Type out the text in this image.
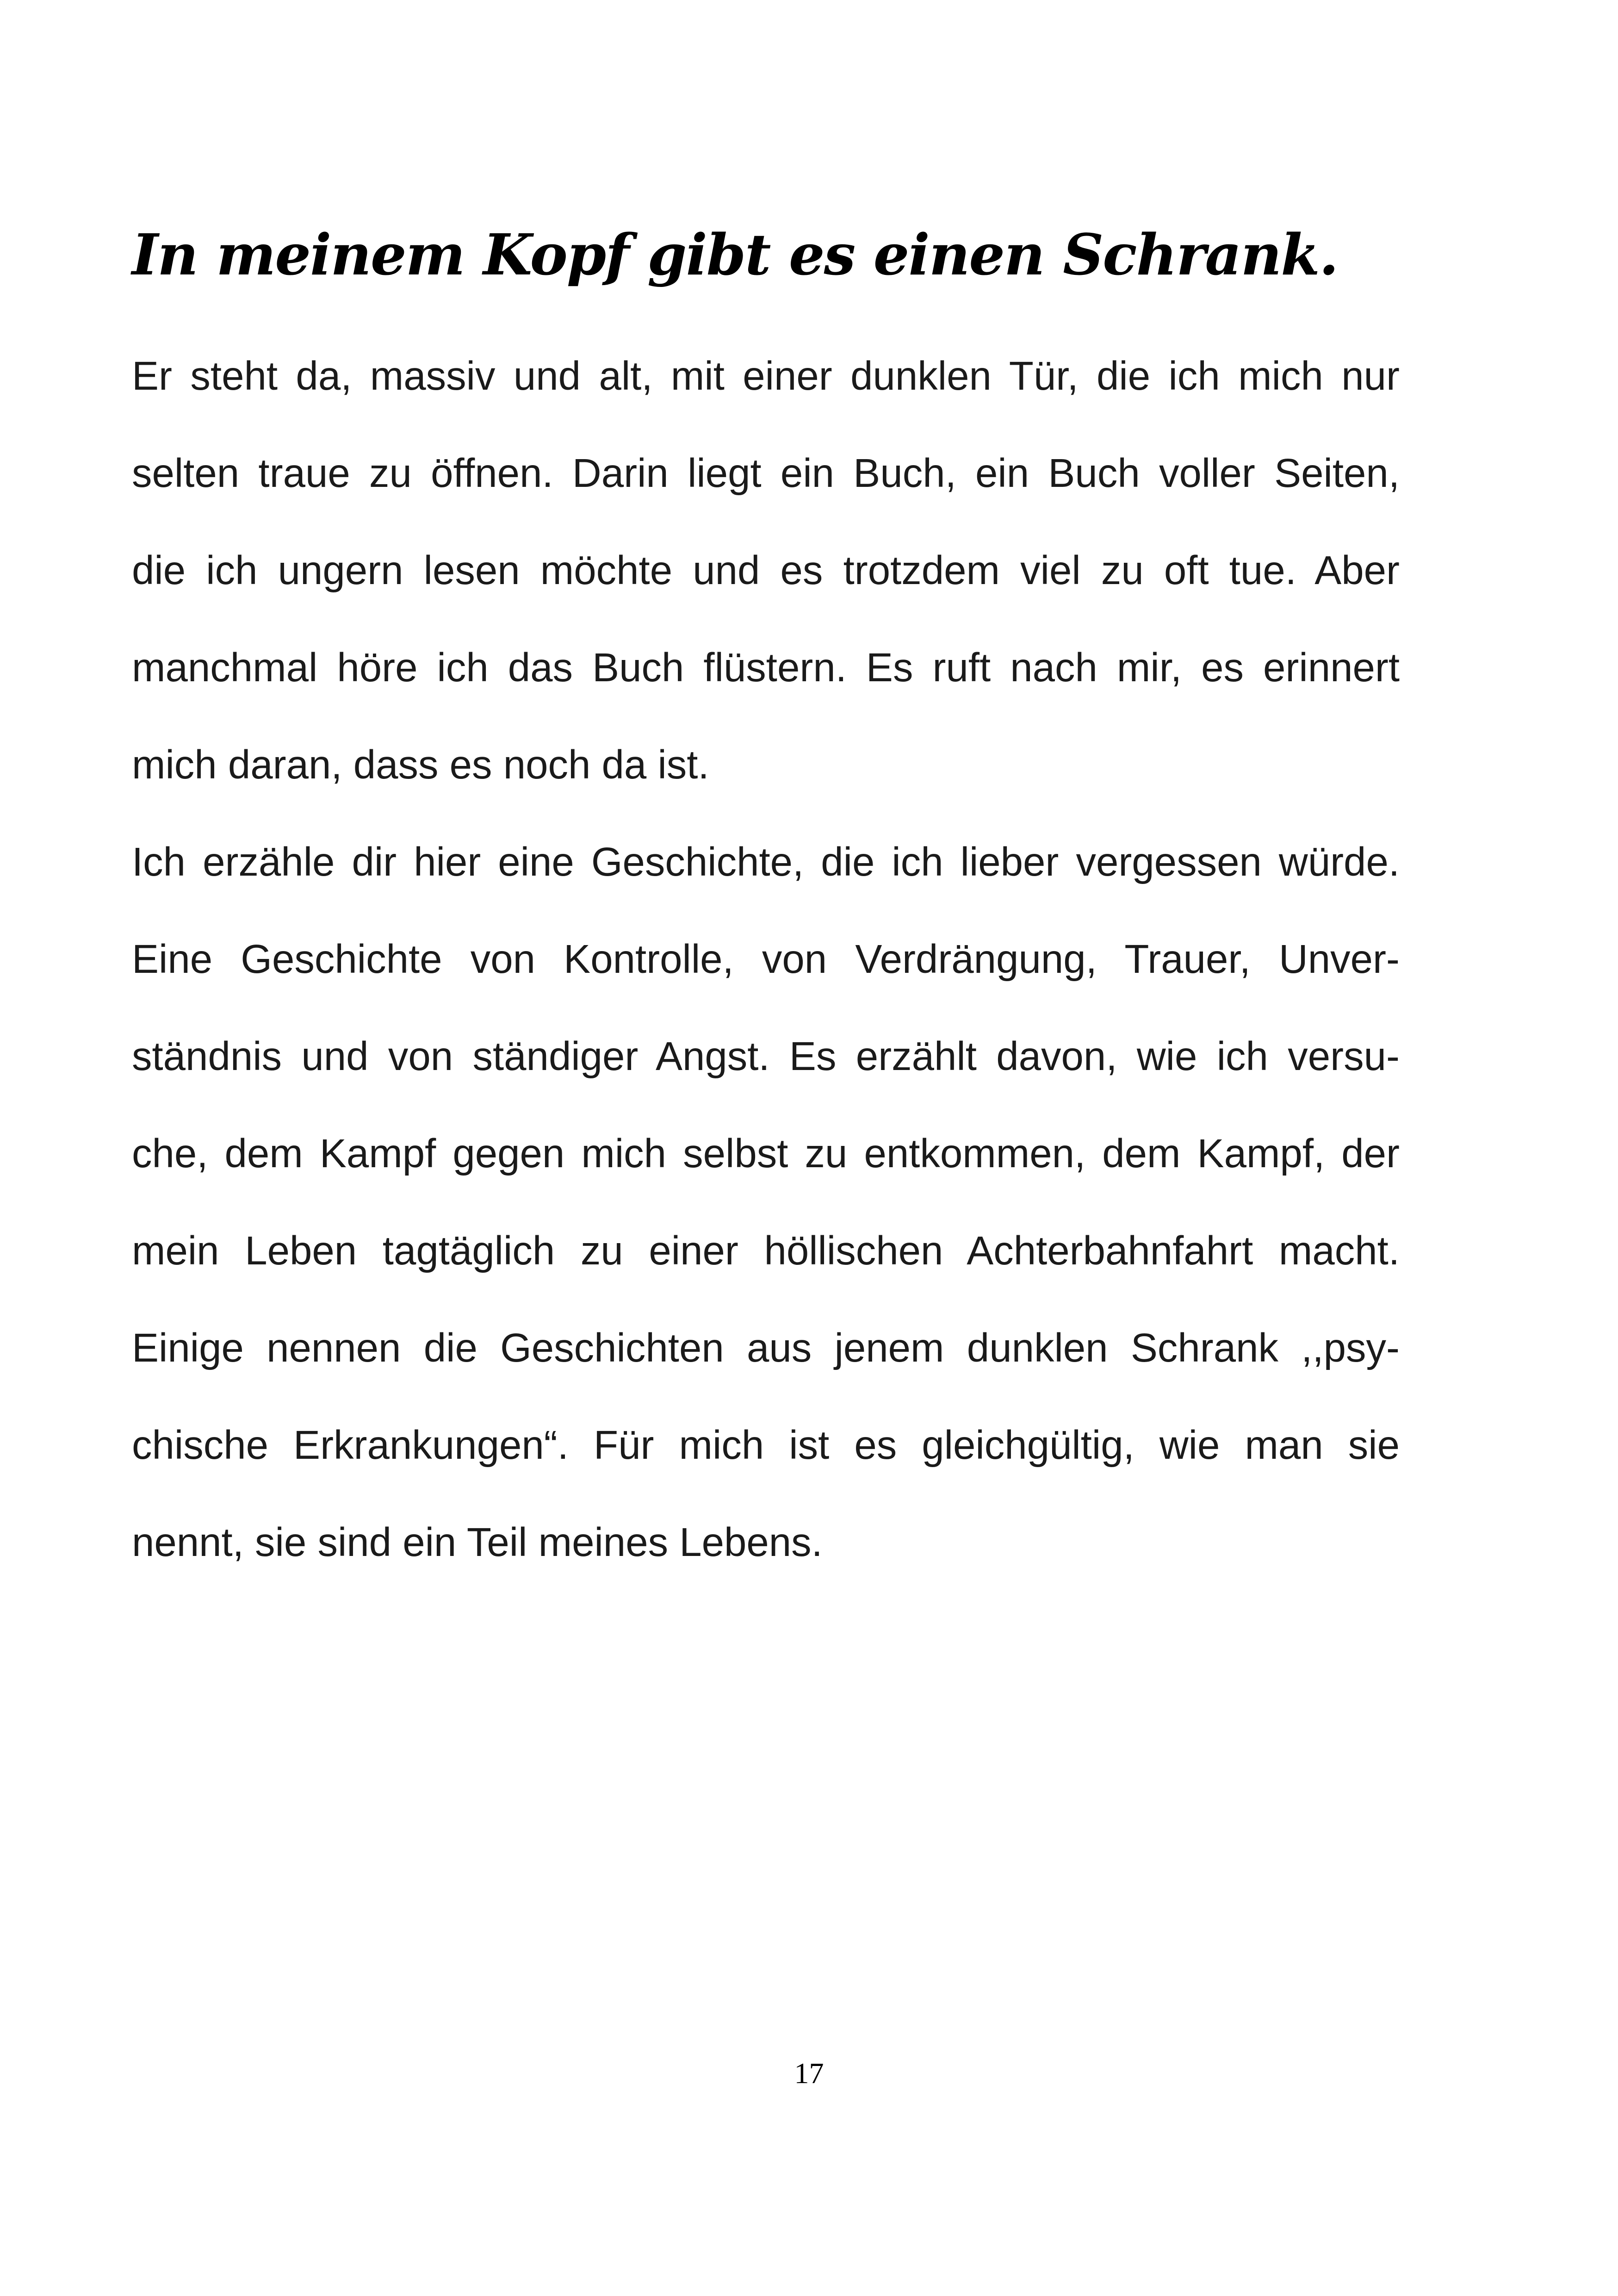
In meinem Kopf gibt es einen Schrank.
Er steht da, massiv und alt, mit einer dunklen Tür, die ich mich nur
selten traue zu öffnen. Darin liegt ein Buch, ein Buch voller Seiten,
die ich ungern lesen möchte und es trotzdem viel zu oft tue. Aber
manchmal höre ich das Buch flüstern. Es ruft nach mir, es erinnert
mich daran, dass es noch da ist.
Ich erzähle dir hier eine Geschichte, die ich lieber vergessen würde.
Eine Geschichte von Kontrolle, von Verdrängung, Trauer, Unver-
ständnis und von ständiger Angst. Es erzählt davon, wie ich versu-
che, dem Kampf gegen mich selbst zu entkommen, dem Kampf, der
mein Leben tagtäglich zu einer höllischen Achterbahnfahrt macht.
Einige nennen die Geschichten aus jenem dunklen Schrank ,,psy-
chische Erkrankungen“. Für mich ist es gleichgültig, wie man sie
nennt, sie sind ein Teil meines Lebens.
17
